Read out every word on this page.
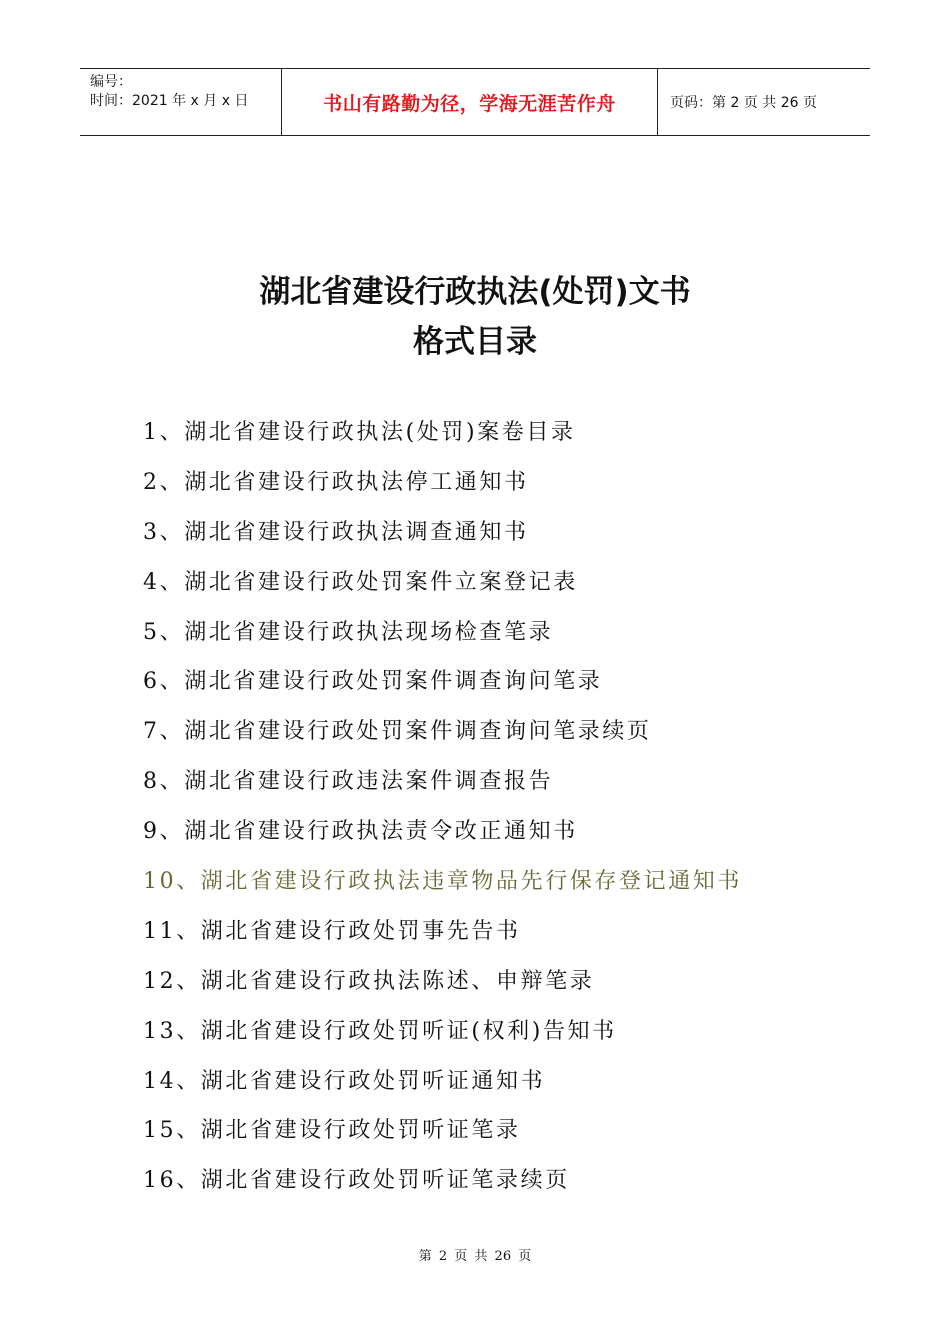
编号：
时间：2021 年 x 月 x 日	书山有路勤为径，学海无涯苦作舟	页码：第 2 页 共 26 页
湖北省建设行政执法(处罚)文书
格式目录
1、湖北省建设行政执法(处罚)案卷目录
2、湖北省建设行政执法停工通知书
3、湖北省建设行政执法调查通知书
4、湖北省建设行政处罚案件立案登记表
5、湖北省建设行政执法现场检查笔录
6、湖北省建设行政处罚案件调查询问笔录
7、湖北省建设行政处罚案件调查询问笔录续页
8、湖北省建设行政违法案件调查报告
9、湖北省建设行政执法责令改正通知书
10、湖北省建设行政执法违章物品先行保存登记通知书
11、湖北省建设行政处罚事先告书
12、湖北省建设行政执法陈述、申辩笔录
13、湖北省建设行政处罚听证(权利)告知书
14、湖北省建设行政处罚听证通知书
15、湖北省建设行政处罚听证笔录
16、湖北省建设行政处罚听证笔录续页
第 2 页 共 26 页
